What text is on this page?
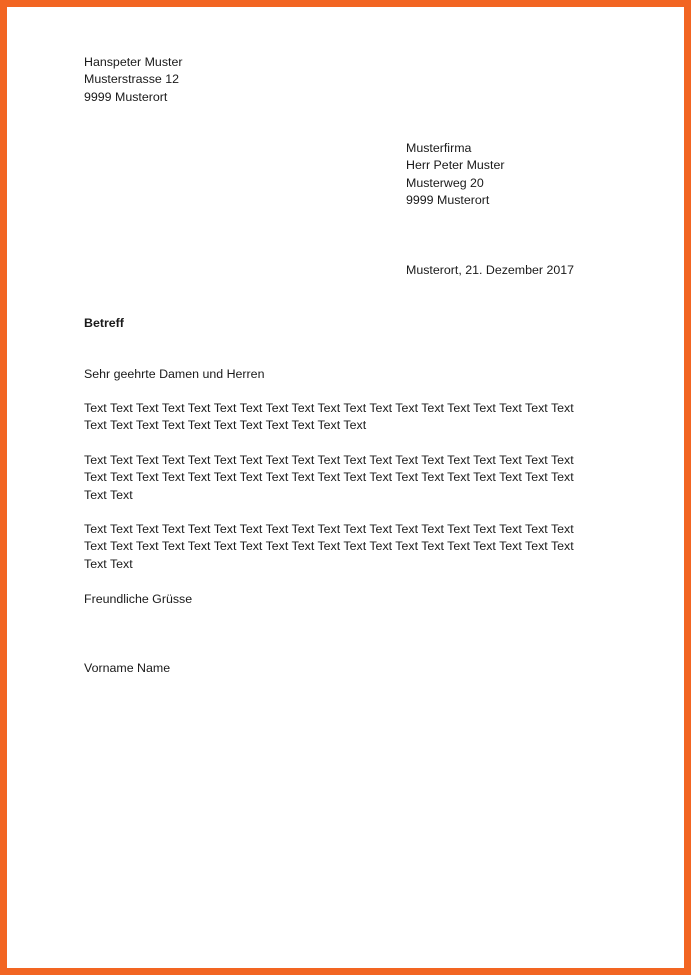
Hanspeter Muster
Musterstrasse 12
9999 Musterort
Musterfirma
Herr Peter Muster
Musterweg 20
9999 Musterort
Musterort, 21. Dezember 2017
Betreff
Sehr geehrte Damen und Herren
Text Text Text Text Text Text Text Text Text Text Text Text Text Text Text Text Text Text Text
Text Text Text Text Text Text Text Text Text Text Text
Text Text Text Text Text Text Text Text Text Text Text Text Text Text Text Text Text Text Text
Text Text Text Text Text Text Text Text Text Text Text Text Text Text Text Text Text Text Text
Text Text
Text Text Text Text Text Text Text Text Text Text Text Text Text Text Text Text Text Text Text
Text Text Text Text Text Text Text Text Text Text Text Text Text Text Text Text Text Text Text
Text Text
Freundliche Grüsse
Vorname Name
